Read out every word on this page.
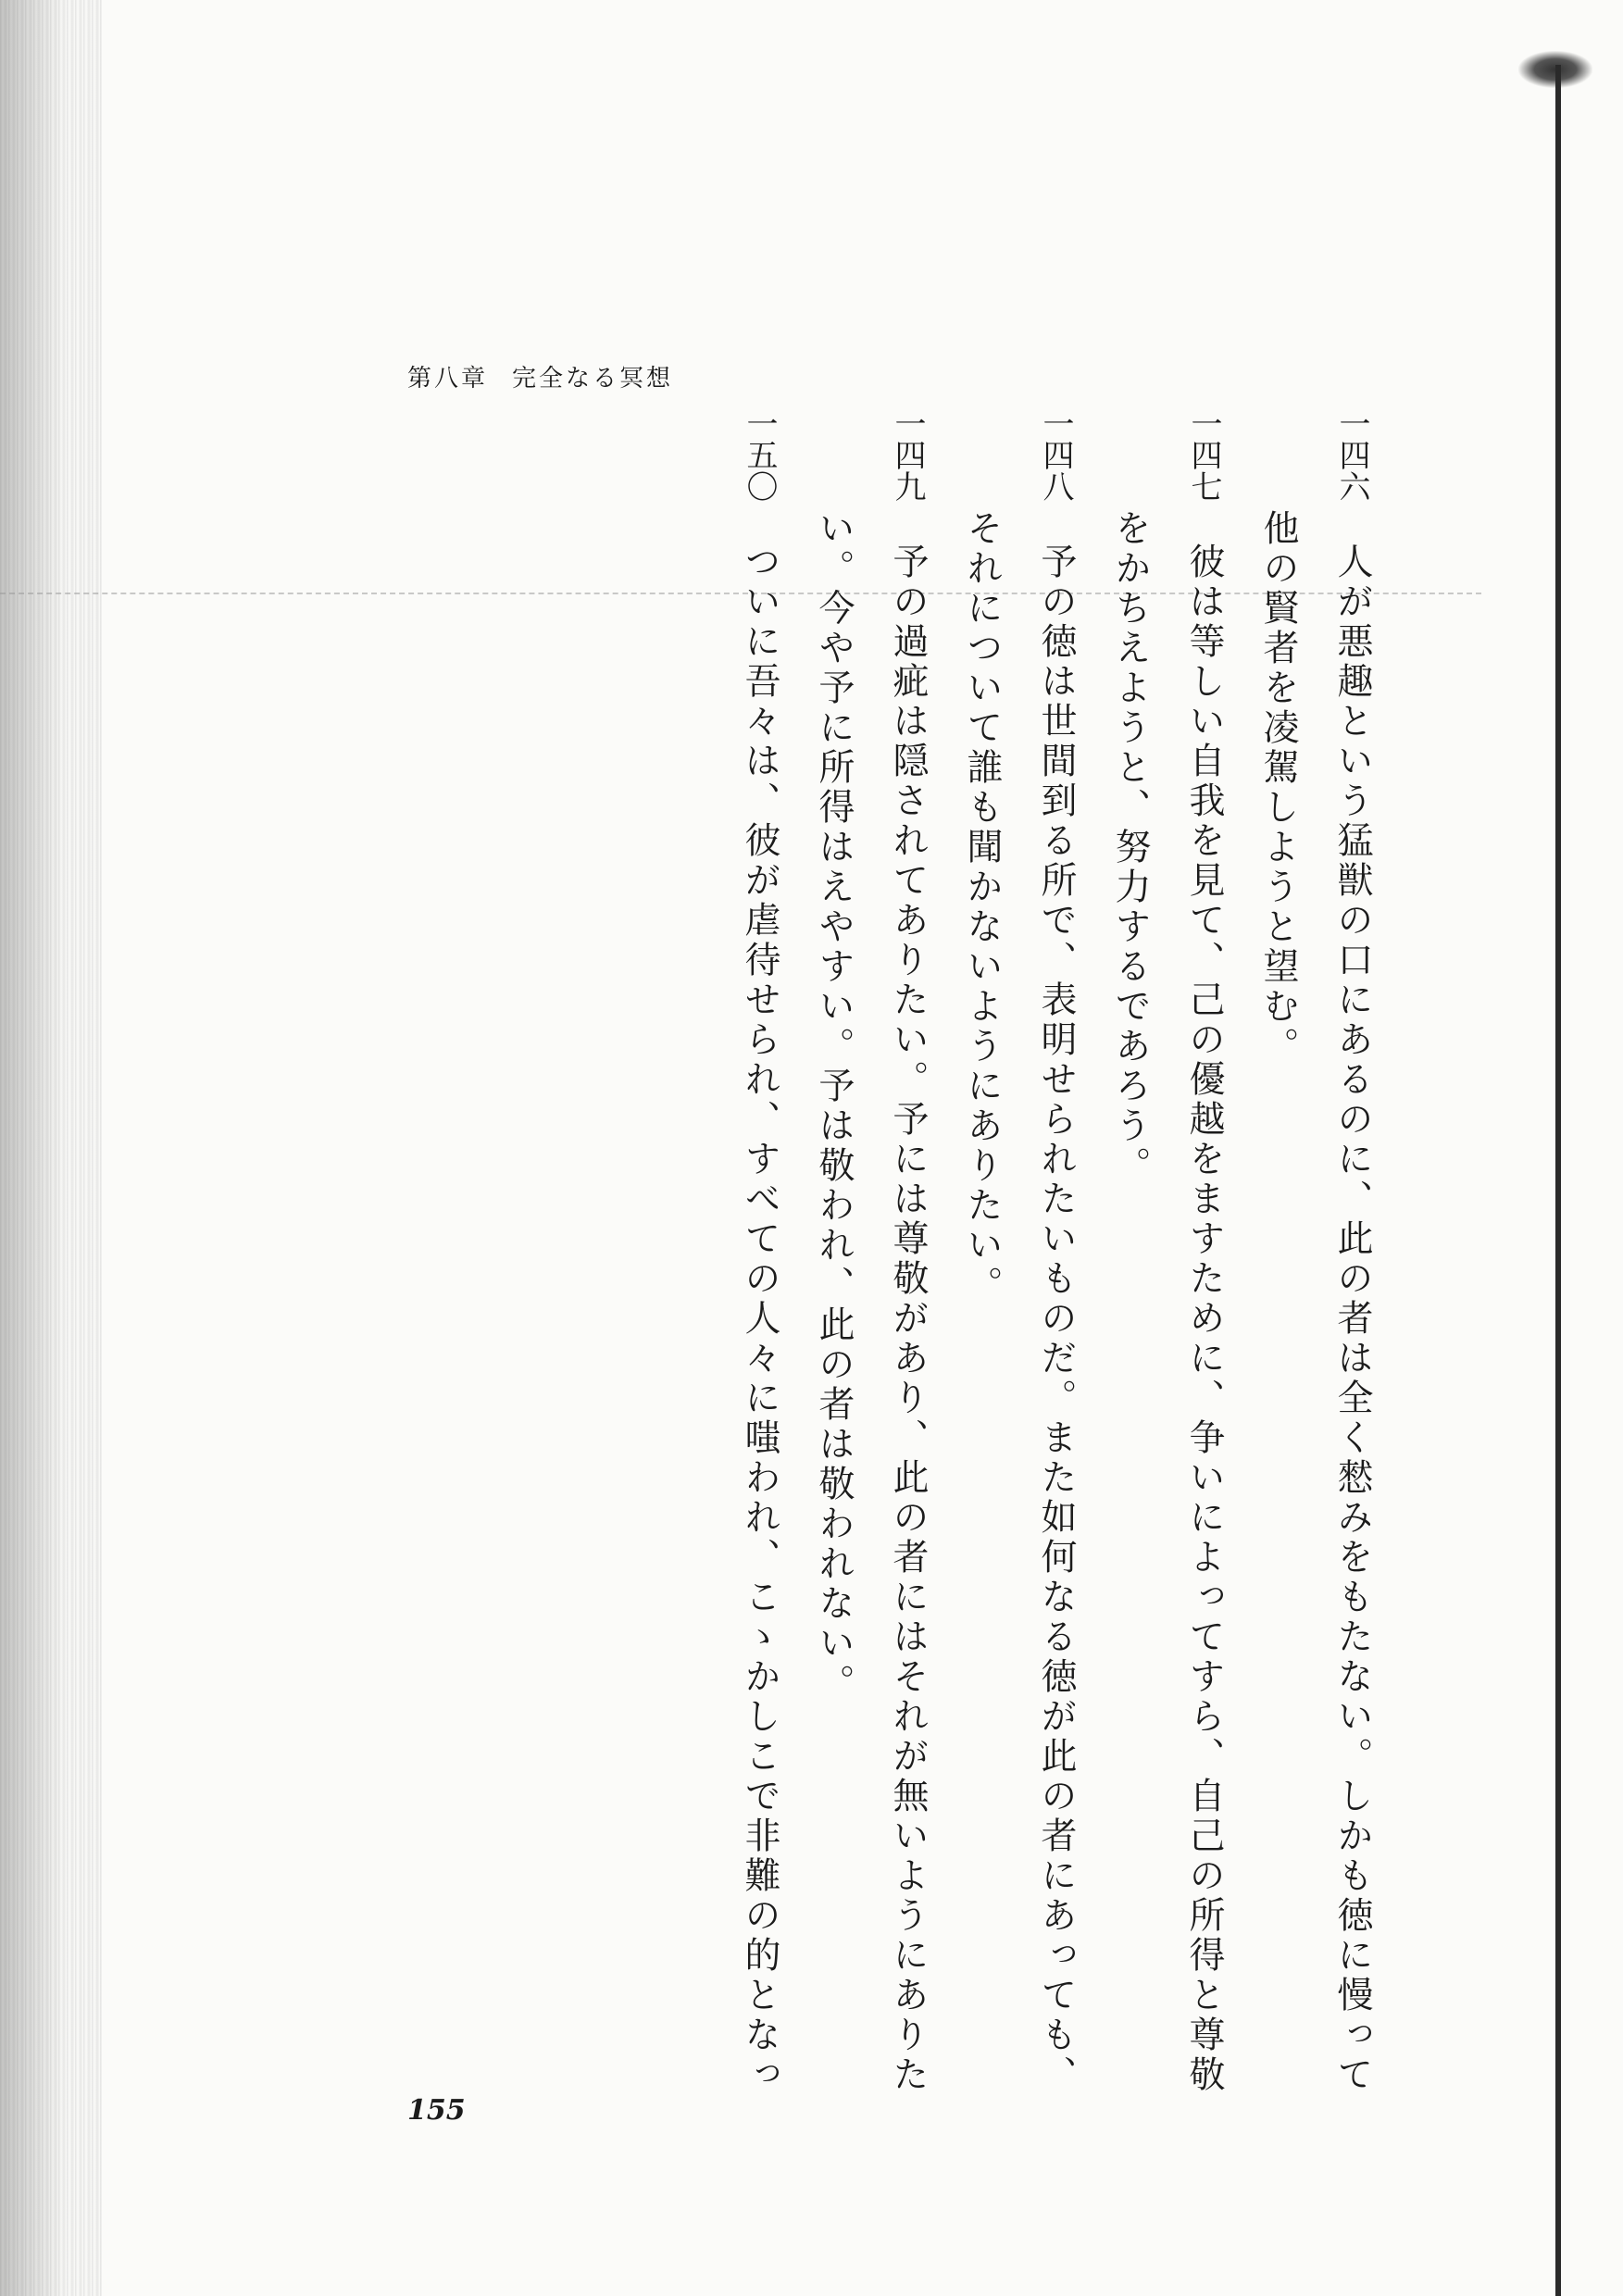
第八章 完全なる冥想
一四六人が悪趣という猛獣の口にあるのに、此の者は全く憖みをもたない。しかも徳に慢って
他の賢者を凌駕しようと望む。
一四七彼は等しい自我を見て、己の優越をますために、争いによってすら、自己の所得と尊敬
をかちえようと、努力するであろう。
一四八予の徳は世間到る所で、表明せられたいものだ。また如何なる徳が此の者にあっても、
それについて誰も聞かないようにありたい。
一四九予の過疵は隠されてありたい。予には尊敬があり、此の者にはそれが無いようにありた
い。今や予に所得はえやすい。予は敬われ、此の者は敬われない。
一五〇ついに吾々は、彼が虐待せられ、すべての人々に嗤われ、こゝかしこで非難の的となっ
155
